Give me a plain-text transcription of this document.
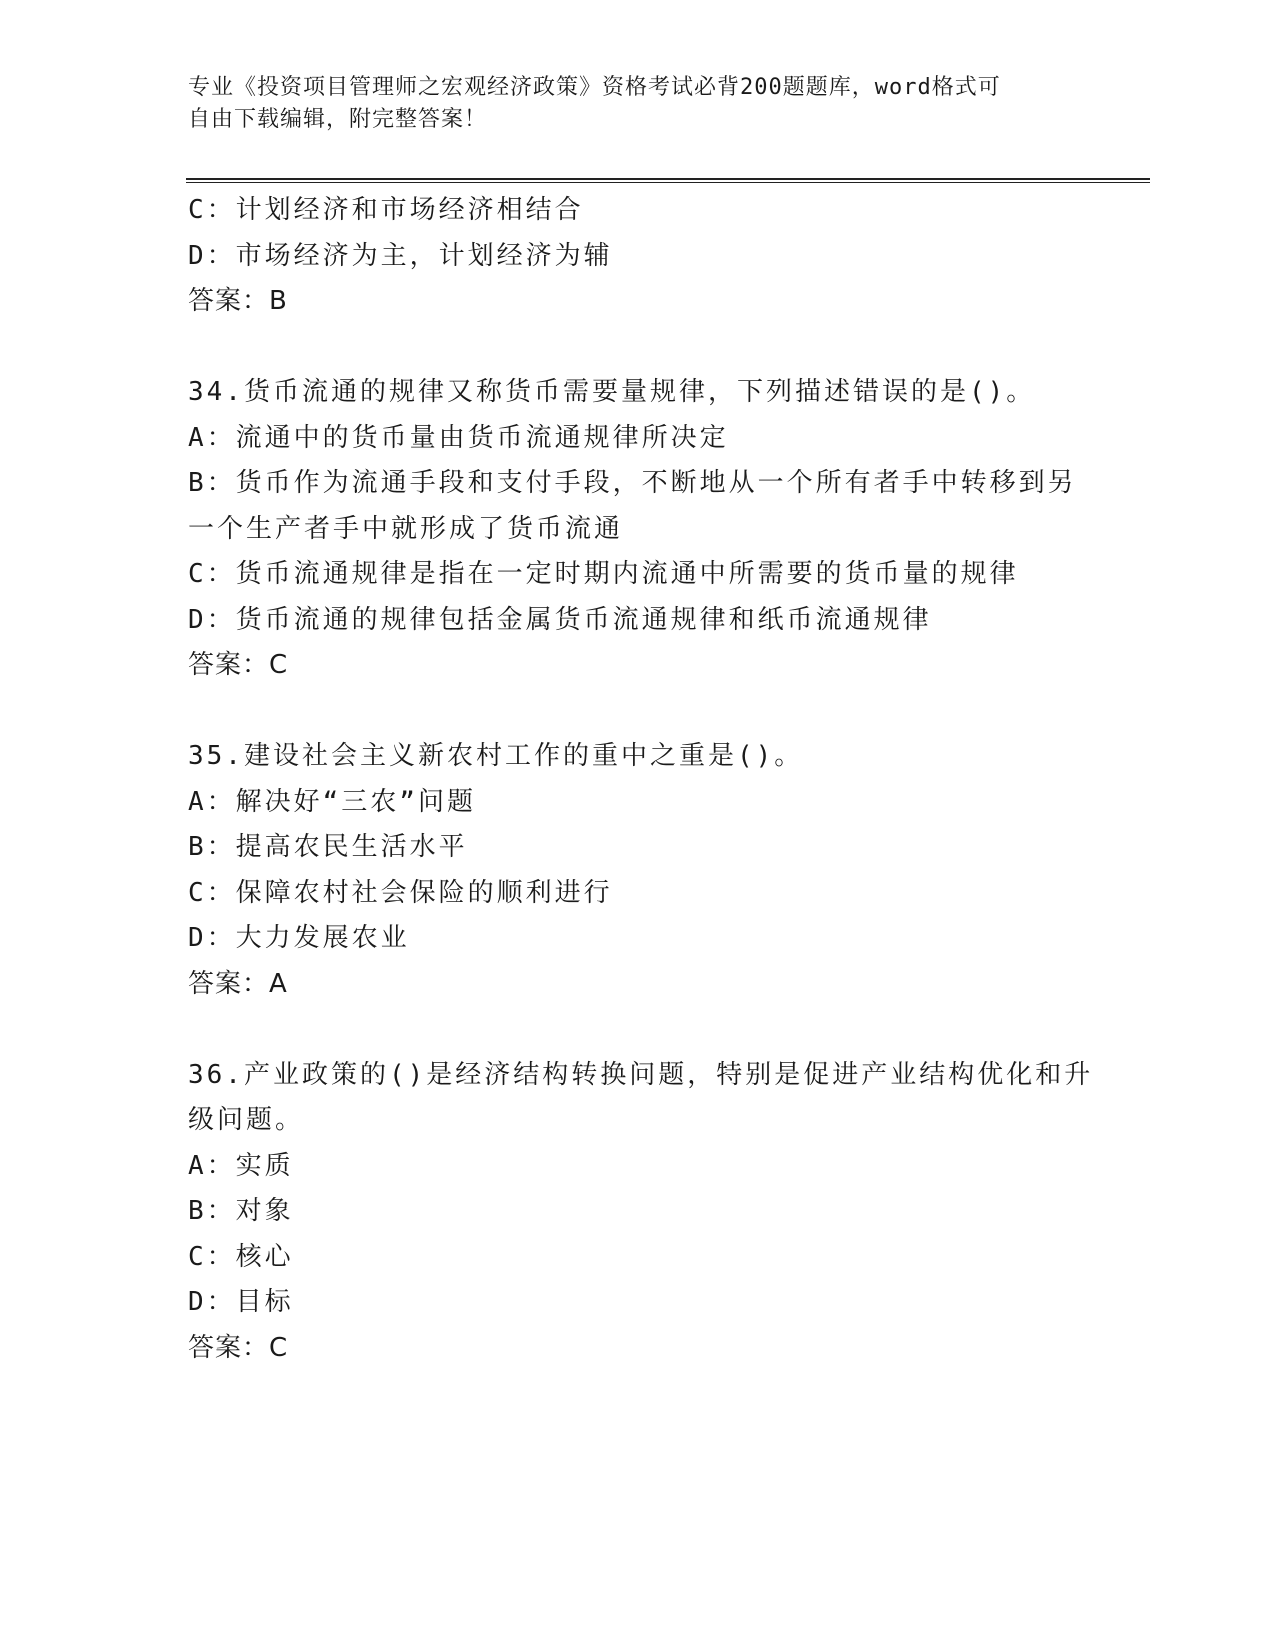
专业《投资项目管理师之宏观经济政策》资格考试必背200题题库，word格式可
自由下载编辑，附完整答案！
C：计划经济和市场经济相结合
D：市场经济为主，计划经济为辅
答案：B
34.货币流通的规律又称货币需要量规律，下列描述错误的是()。
A：流通中的货币量由货币流通规律所决定
B：货币作为流通手段和支付手段，不断地从一个所有者手中转移到另
一个生产者手中就形成了货币流通
C：货币流通规律是指在一定时期内流通中所需要的货币量的规律
D：货币流通的规律包括金属货币流通规律和纸币流通规律
答案：C
35.建设社会主义新农村工作的重中之重是()。
A：解决好“三农”问题
B：提高农民生活水平
C：保障农村社会保险的顺利进行
D：大力发展农业
答案：A
36.产业政策的()是经济结构转换问题，特别是促进产业结构优化和升
级问题。
A：实质
B：对象
C：核心
D：目标
答案：C
